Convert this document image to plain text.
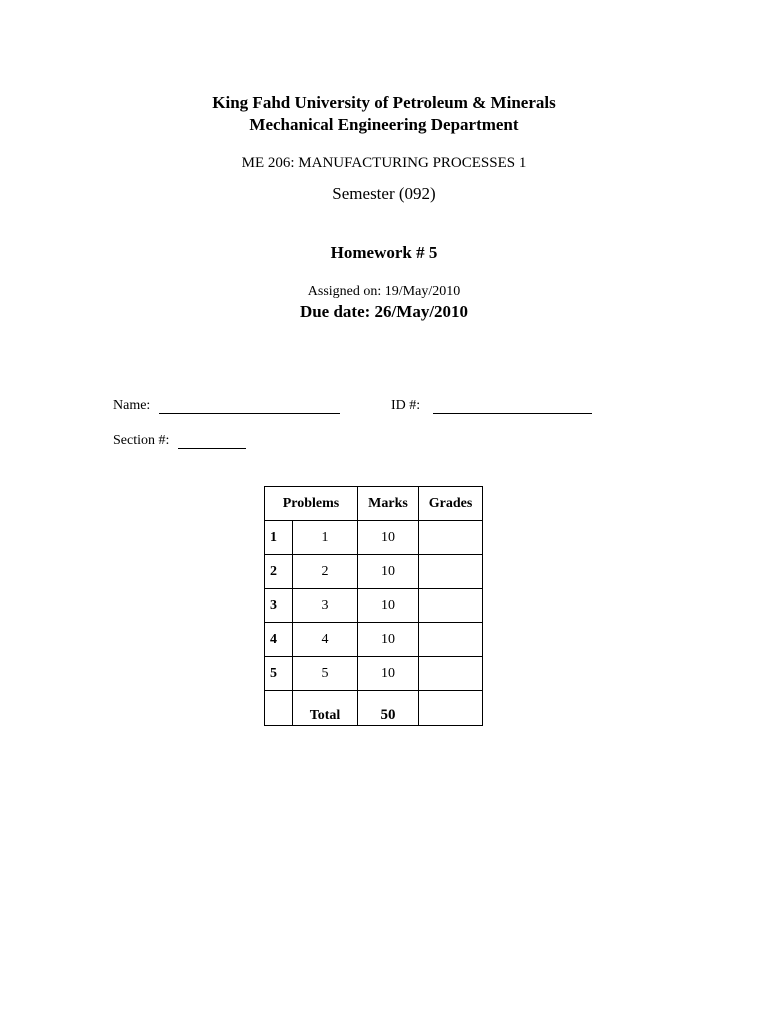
King Fahd University of Petroleum & Minerals
Mechanical Engineering Department
ME 206: MANUFACTURING PROCESSES 1
Semester (092)
Homework # 5
Assigned on: 19/May/2010
Due date: 26/May/2010
Name:	ID #:
Section #:
Problems		Marks	Grades
1	1	10	
2	2	10	
3	3	10	
4	4	10	
5	5	10	
	Total	50	
